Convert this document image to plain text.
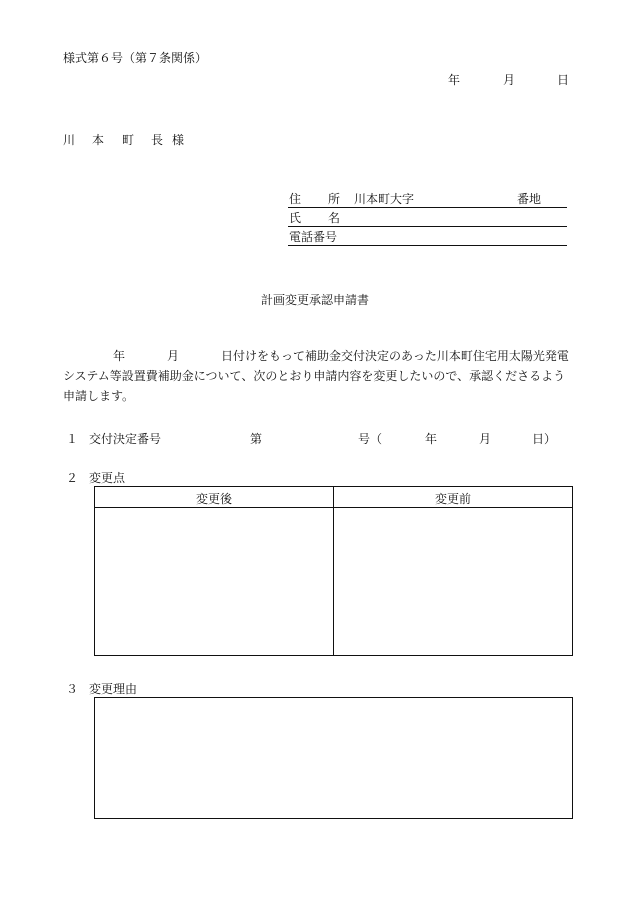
様式第６号（第７条関係）
年	月	日
川 本 町 長 様
住 所 川本町大字	番地
氏 名
電話番号
計画変更承認申請書
年	月	日付けをもって補助金交付決定のあった川本町住宅用太陽光発電システム等設置費補助金について、次のとおり申請内容を変更したいので、承認くださるよう申請します。
１ 交付決定番号	第	号（	年	月	日）
２ 変更点
変更後	変更前
３ 変更理由
